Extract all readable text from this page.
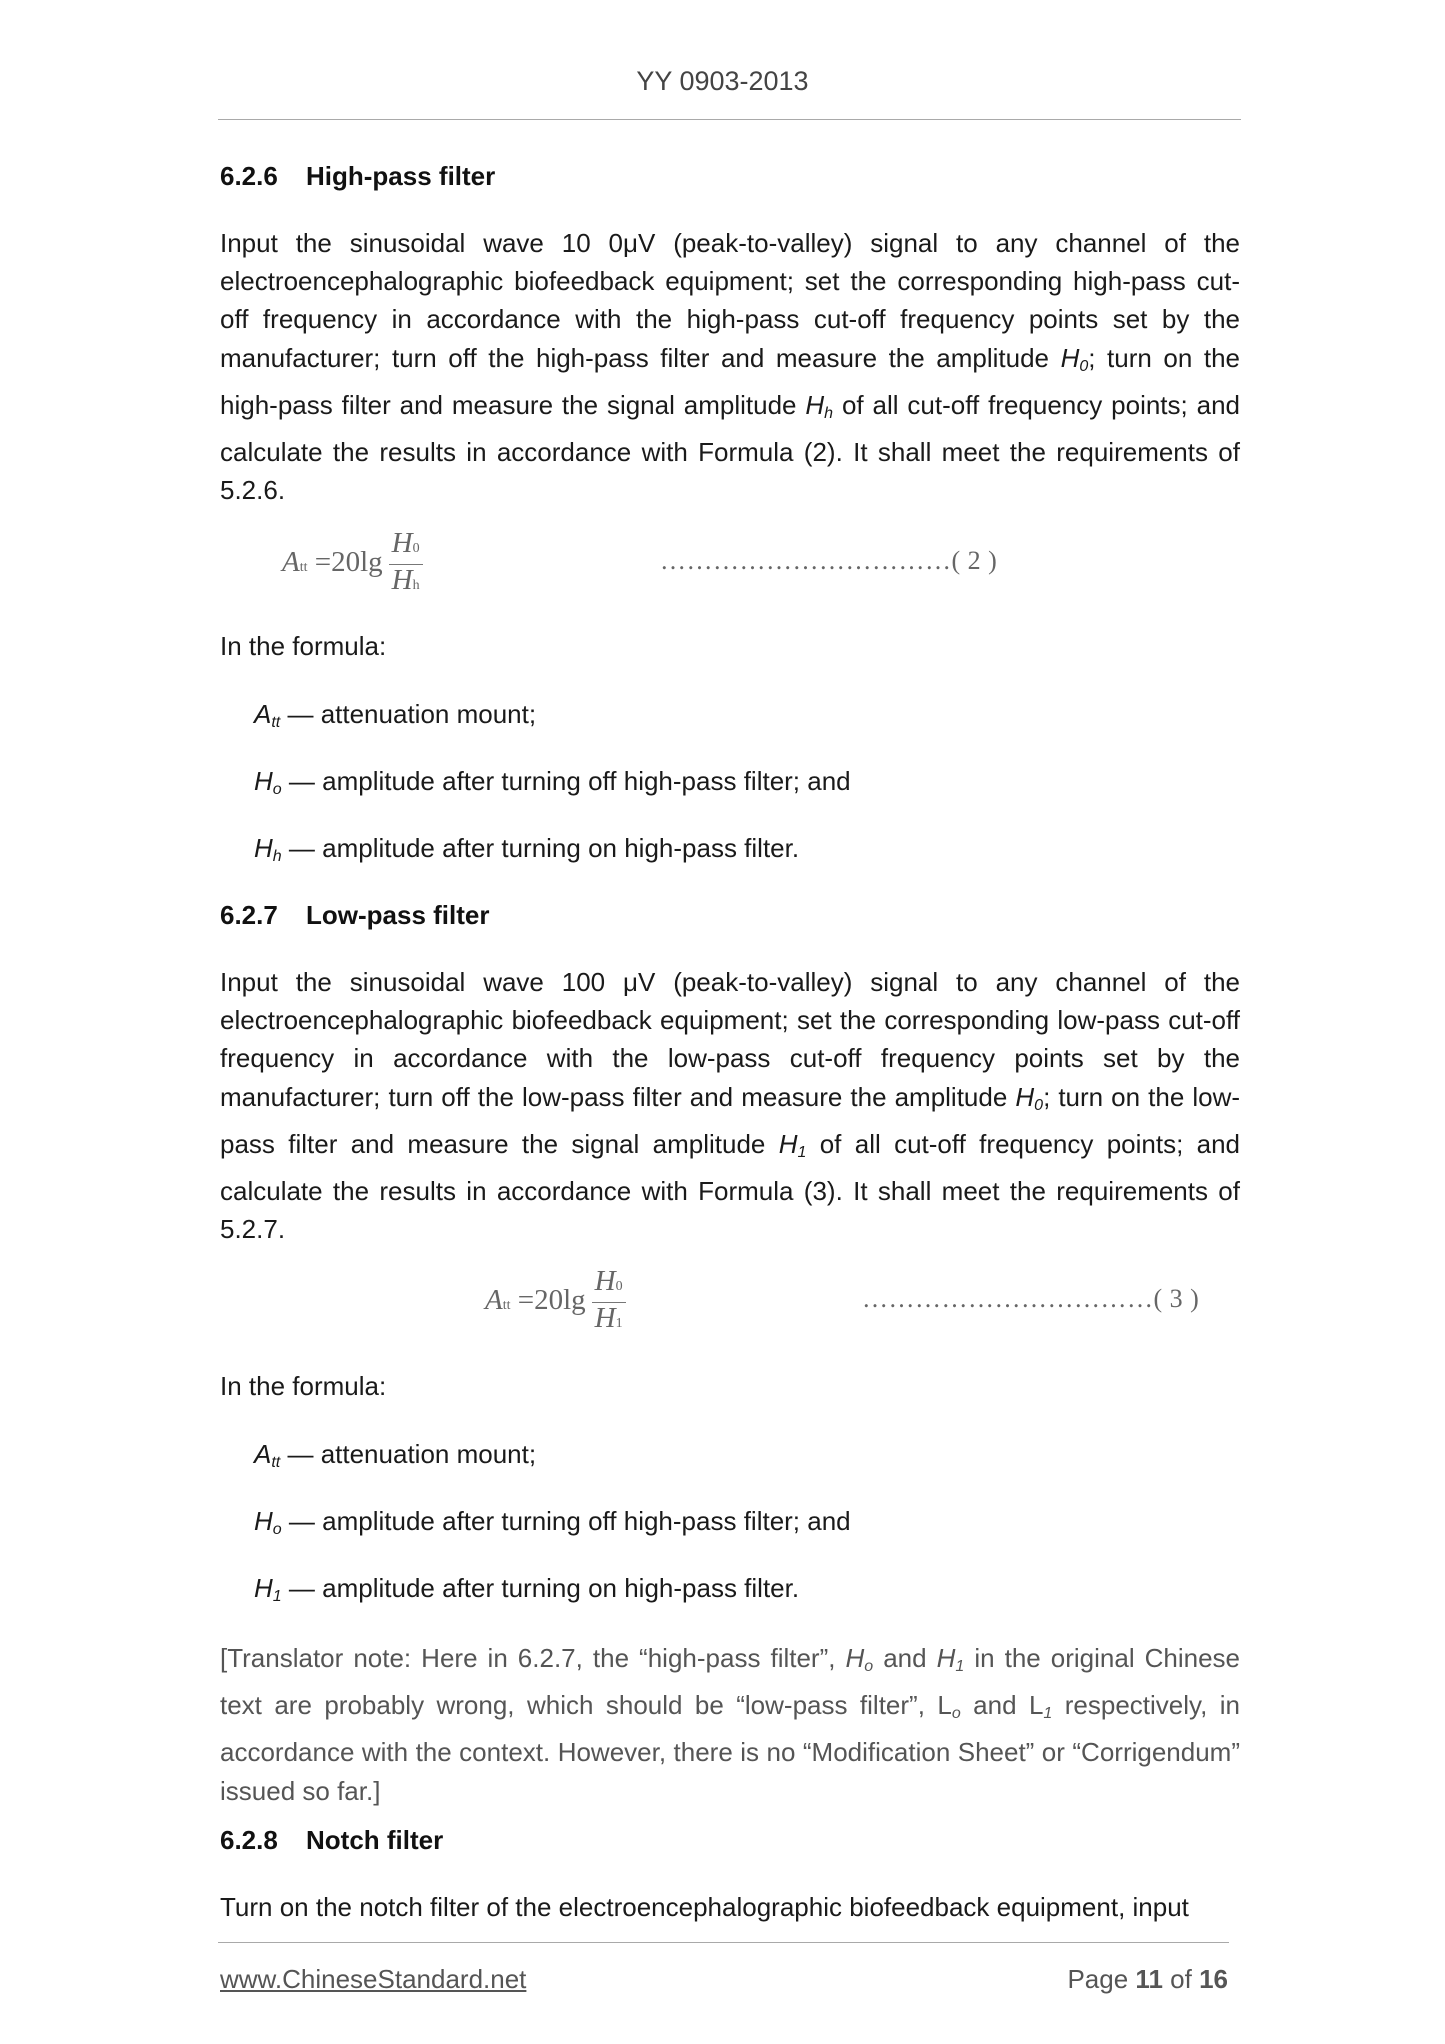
YY 0903-2013
6.2.6 High-pass filter
Input the sinusoidal wave 10 0μV (peak-to-valley) signal to any channel of the electroencephalographic biofeedback equipment; set the corresponding high-pass cut-off frequency in accordance with the high-pass cut-off frequency points set by the manufacturer; turn off the high-pass filter and measure the amplitude $H_0$; turn on the high-pass filter and measure the signal amplitude $H_h$ of all cut-off frequency points; and calculate the results in accordance with Formula (2). It shall meet the requirements of 5.2.6.
Att $=20\lg \frac{H0}{Hh}$	……………………………( 2 )
In the formula:
$A_{tt}$ — attenuation mount;
$H_o$ — amplitude after turning off high-pass filter; and
$H_h$ — amplitude after turning on high-pass filter.
6.2.7 Low-pass filter
Input the sinusoidal wave 100 μV (peak-to-valley) signal to any channel of the electroencephalographic biofeedback equipment; set the corresponding low-pass cut-off frequency in accordance with the low-pass cut-off frequency points set by the manufacturer; turn off the low-pass filter and measure the amplitude $H_0$; turn on the low-pass filter and measure the signal amplitude $H_1$ of all cut-off frequency points; and calculate the results in accordance with Formula (3). It shall meet the requirements of 5.2.7.
Att $=20\lg \frac{H0}{H1}$	……………………………( 3 )
In the formula:
$A_{tt}$ — attenuation mount;
$H_o$ — amplitude after turning off high-pass filter; and
$H_1$ — amplitude after turning on high-pass filter.
[Translator note: Here in 6.2.7, the “high-pass filter”, $H_o$ and $H_1$ in the original Chinese text are probably wrong, which should be “low-pass filter”, $L_o$ and $L_1$ respectively, in accordance with the context. However, there is no “Modification Sheet” or “Corrigendum” issued so far.]
6.2.8 Notch filter
Turn on the notch filter of the electroencephalographic biofeedback equipment, input
www.ChineseStandard.net	Page 11 of 16
